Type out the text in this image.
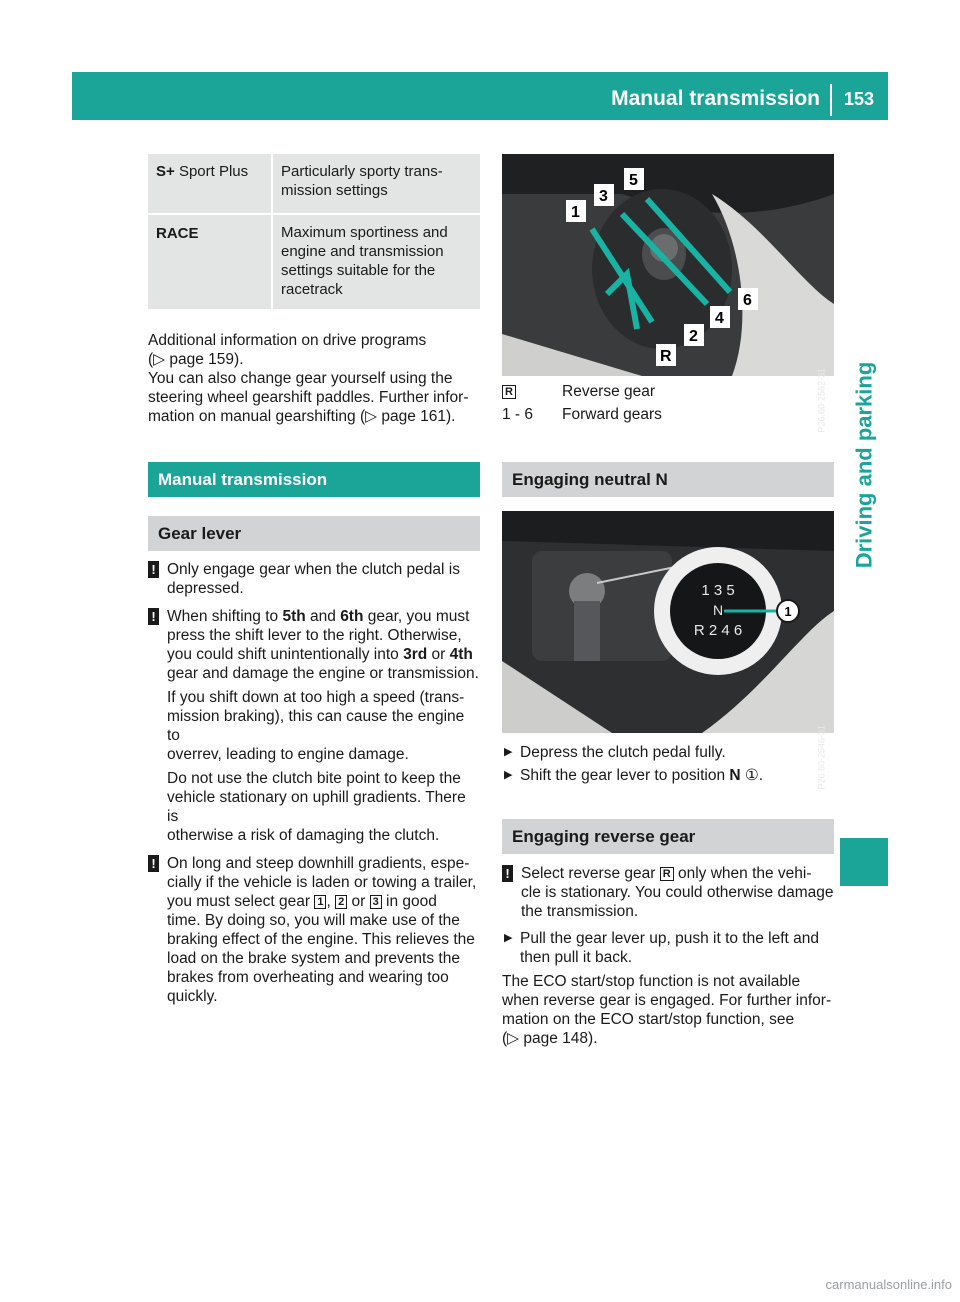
Manual transmission 153
Driving and parking
S+ Sport Plus	Particularly sporty trans-
mission settings
RACE	Maximum sportiness and
engine and transmission
settings suitable for the
racetrack

Additional information on drive programs
(▷ page 159).

You can also change gear yourself using the
steering wheel gearshift paddles. Further infor-
mation on manual gearshifting (▷ page 161).

Manual transmission
Gear lever
! Only engage gear when the clutch pedal is
depressed.

! When shifting to 5th and 6th gear, you must
press the shift lever to the right. Otherwise,
you could shift unintentionally into 3rd or 4th
gear and damage the engine or transmission.

If you shift down at too high a speed (trans-
mission braking), this can cause the engine to
overrev, leading to engine damage.

Do not use the clutch bite point to keep the
vehicle stationary on uphill gradients. There is
otherwise a risk of damaging the clutch.

! On long and steep downhill gradients, espe-
cially if the vehicle is laden or towing a trailer,
you must select gear 1 , 2 or 3 in good
time. By doing so, you will make use of the
braking effect of the engine. This relieves the
load on the brake system and prevents the
brakes from overheating and wearing too
quickly.

1
3
5
6
4
2
R
P26.60-2562-31
R	Reverse gear
1 - 6	Forward gears
Engaging neutral N
1 3 5
N
R 2 4 6
1
P26.60-2546-31
▶ Depress the clutch pedal fully.

▶ Shift the gear lever to position N ①.

Engaging reverse gear
! Select reverse gear R only when the vehi-
cle is stationary. You could otherwise damage
the transmission.

▶ Pull the gear lever up, push it to the left and
then pull it back.

The ECO start/stop function is not available
when reverse gear is engaged. For further infor-
mation on the ECO start/stop function, see
(▷ page 148).

carmanualsonline.info
